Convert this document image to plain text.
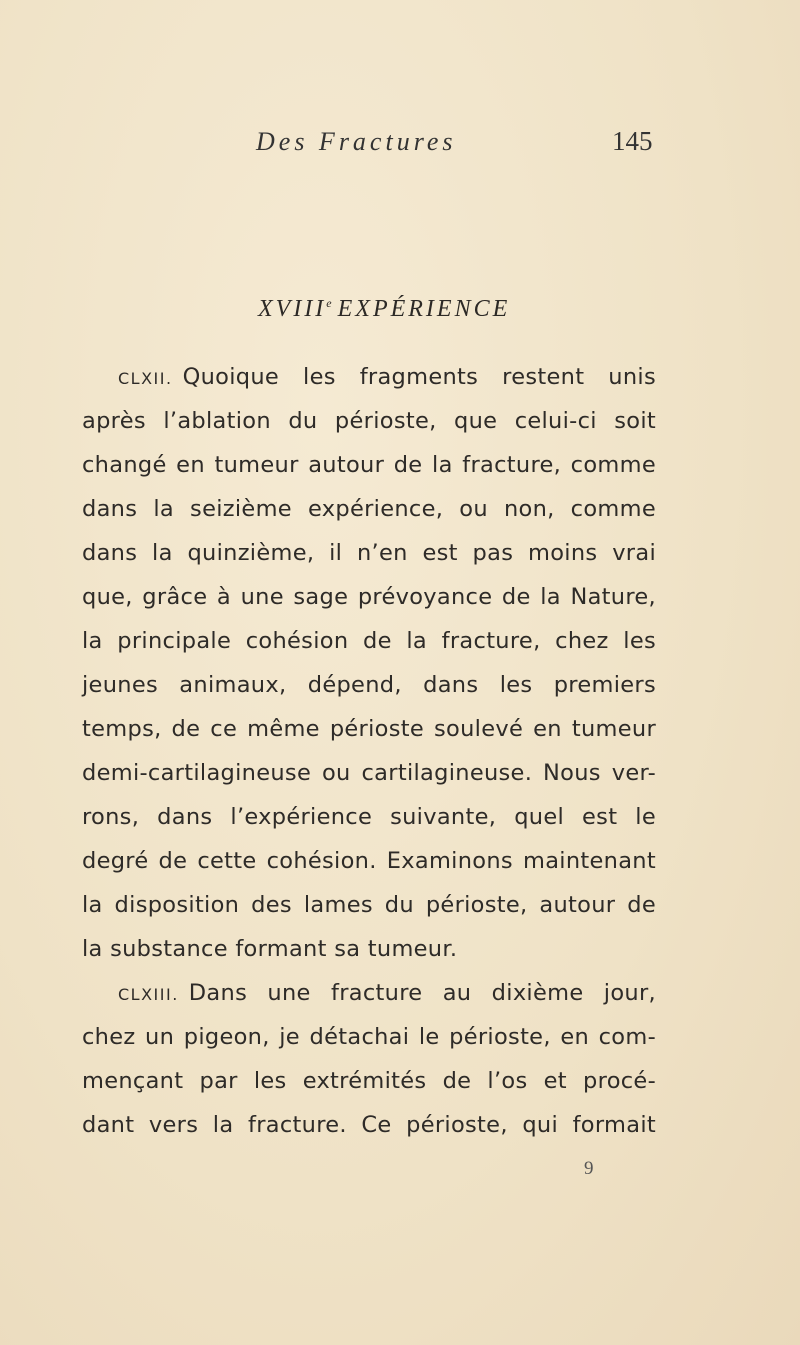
Des Fractures	145
XVIIIe EXPÉRIENCE
CLXII. Quoique les fragments restent unis
après l’ablation du périoste, que celui-ci soit
changé en tumeur autour de la fracture, comme
dans la seizième expérience, ou non, comme
dans la quinzième, il n’en est pas moins vrai
que, grâce à une sage prévoyance de la Nature,
la principale cohésion de la fracture, chez les
jeunes animaux, dépend, dans les premiers
temps, de ce même périoste soulevé en tumeur
demi-cartilagineuse ou cartilagineuse. Nous ver-
rons, dans l’expérience suivante, quel est le
degré de cette cohésion. Examinons maintenant
la disposition des lames du périoste, autour de
la substance formant sa tumeur.
CLXIII. Dans une fracture au dixième jour,
chez un pigeon, je détachai le périoste, en com-
mençant par les extrémités de l’os et procé-
dant vers la fracture. Ce périoste, qui formait
9
